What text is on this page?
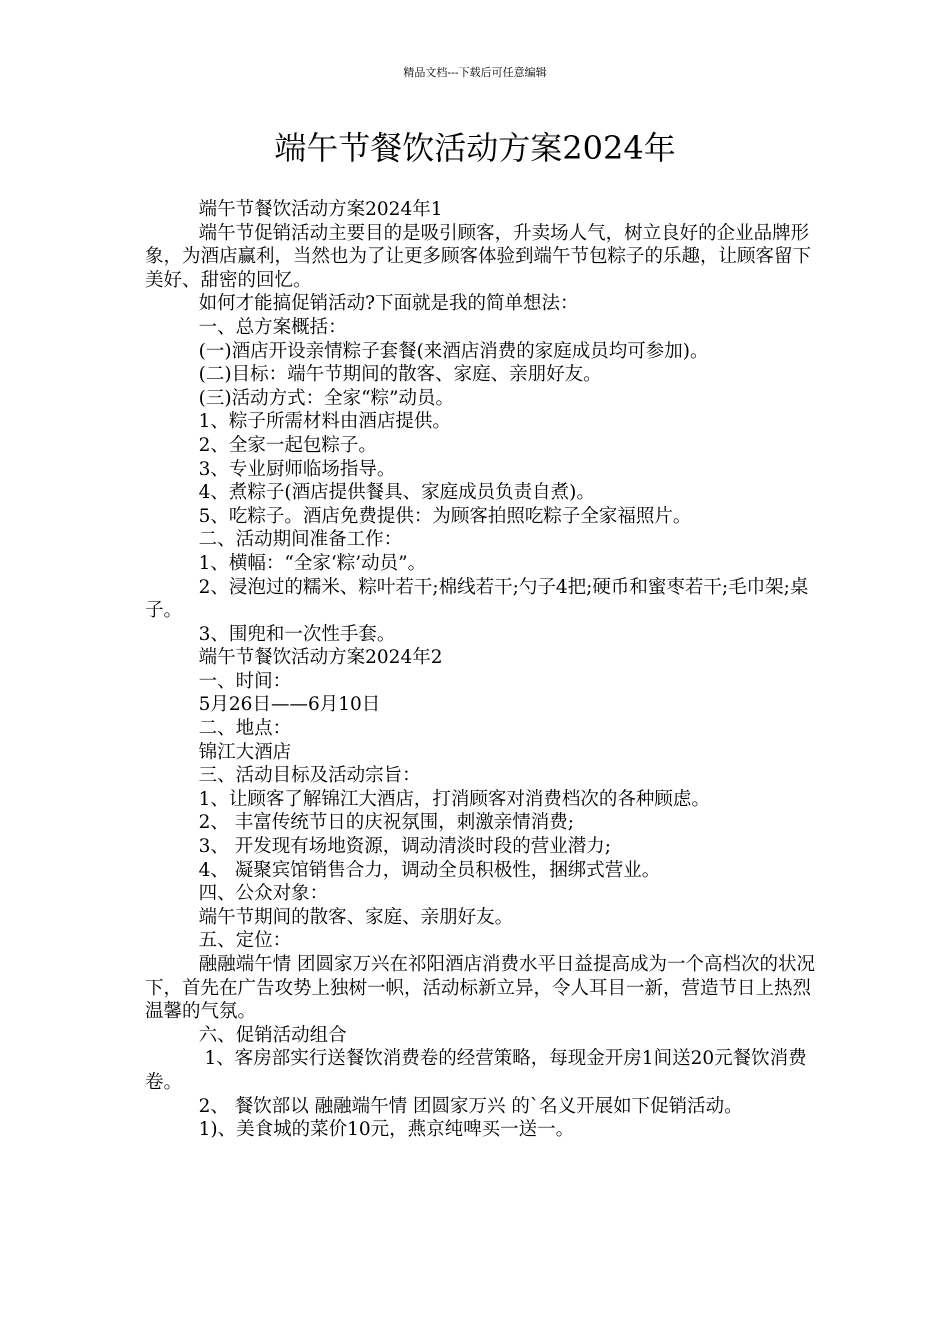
精品文档---下载后可任意编辑
端午节餐饮活动方案2024年

端午节餐饮活动方案2024年1

端午节促销活动主要目的是吸引顾客，升卖场人气，树立良好的企业品牌形象，为酒店赢利，当然也为了让更多顾客体验到端午节包粽子的乐趣，让顾客留下美好、甜密的回忆。

如何才能搞促销活动?下面就是我的简单想法：

一、总方案概括：

(一)酒店开设亲情粽子套餐(来酒店消费的家庭成员均可参加)。

(二)目标：端午节期间的散客、家庭、亲朋好友。

(三)活动方式：全家“粽”动员。

1、粽子所需材料由酒店提供。

2、全家一起包粽子。

3、专业厨师临场指导。

4、煮粽子(酒店提供餐具、家庭成员负责自煮)。

5、吃粽子。酒店免费提供：为顾客拍照吃粽子全家福照片。

二、活动期间准备工作：

1、横幅：“全家‘粽’动员”。

2、浸泡过的糯米、粽叶若干;棉线若干;勺子4把;硬币和蜜枣若干;毛巾架;桌子。

3、围兜和一次性手套。

端午节餐饮活动方案2024年2

一、时间：

5月26日——6月10日

二、地点：

锦江大酒店

三、活动目标及活动宗旨：

1、让顾客了解锦江大酒店，打消顾客对消费档次的各种顾虑。

2、 丰富传统节日的庆祝氛围，刺激亲情消费;

3、 开发现有场地资源，调动清淡时段的营业潜力;

4、 凝聚宾馆销售合力，调动全员积极性，捆绑式营业。

四、公众对象：

端午节期间的散客、家庭、亲朋好友。

五、定位：

融融端午情 团圆家万兴在祁阳酒店消费水平日益提高成为一个高档次的状况下，首先在广告攻势上独树一帜，活动标新立异，令人耳目一新，营造节日上热烈温馨的气氛。

六、促销活动组合

1、客房部实行送餐饮消费卷的经营策略，每现金开房1间送20元餐饮消费卷。

2、 餐饮部以 融融端午情 团圆家万兴 的`名义开展如下促销活动。

1)、美食城的菜价10元，燕京纯啤买一送一。
